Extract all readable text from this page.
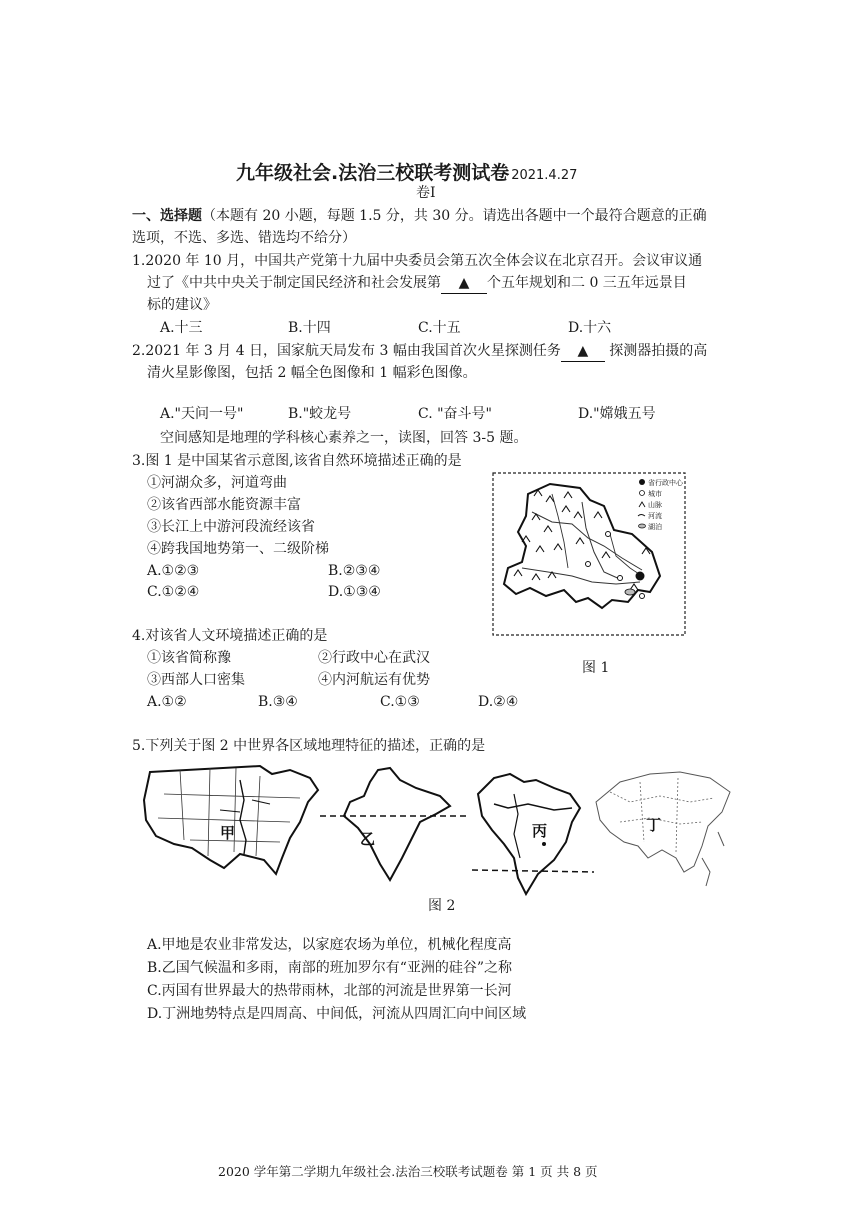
九年级社会.法治三校联考测试卷 2021.4.27
卷Ⅰ
一、选择题（本题有 20 小题，每题 1.5 分，共 30 分。请选出各题中一个最符合题意的正确
选项，不选、多选、错选均不给分）
1.2020 年 10 月，中国共产党第十九届中央委员会第五次全体会议在北京召开。会议审议通
过了《中共中央关于制定国民经济和社会发展第 ▲ 个五年规划和二 0 三五年远景目
标的建议》
A.十三	B.十四	C.十五	D.十六
2.2021 年 3 月 4 日，国家航天局发布 3 幅由我国首次火星探测任务 ▲ 探测器拍摄的高
清火星影像图，包括 2 幅全色图像和 1 幅彩色图像。
A."天问一号"	B."蛟龙号	C. "奋斗号"	D."嫦娥五号
空间感知是地理的学科核心素养之一，读图，回答 3-5 题。
3.图 1 是中国某省示意图,该省自然环境描述正确的是
①河湖众多，河道弯曲
②该省西部水能资源丰富
③长江上中游河段流经该省
④跨我国地势第一、二级阶梯
A.①②③	B.②③④
C.①②④	D.①③④
省行政中心
城市
山脉
河流
湖泊
图 1
4.对该省人文环境描述正确的是
①该省简称豫	②行政中心在武汉
③西部人口密集	④内河航运有优势
A.①②	B.③④	C.①③	D.②④
5.下列关于图 2 中世界各区域地理特征的描述，正确的是
甲	乙	丙	丁
图 2
A.甲地是农业非常发达，以家庭农场为单位，机械化程度高
B.乙国气候温和多雨，南部的班加罗尔有“亚洲的硅谷”之称
C.丙国有世界最大的热带雨林，北部的河流是世界第一长河
D.丁洲地势特点是四周高、中间低，河流从四周汇向中间区域
2020 学年第二学期九年级社会.法治三校联考试题卷 第 1 页 共 8 页
